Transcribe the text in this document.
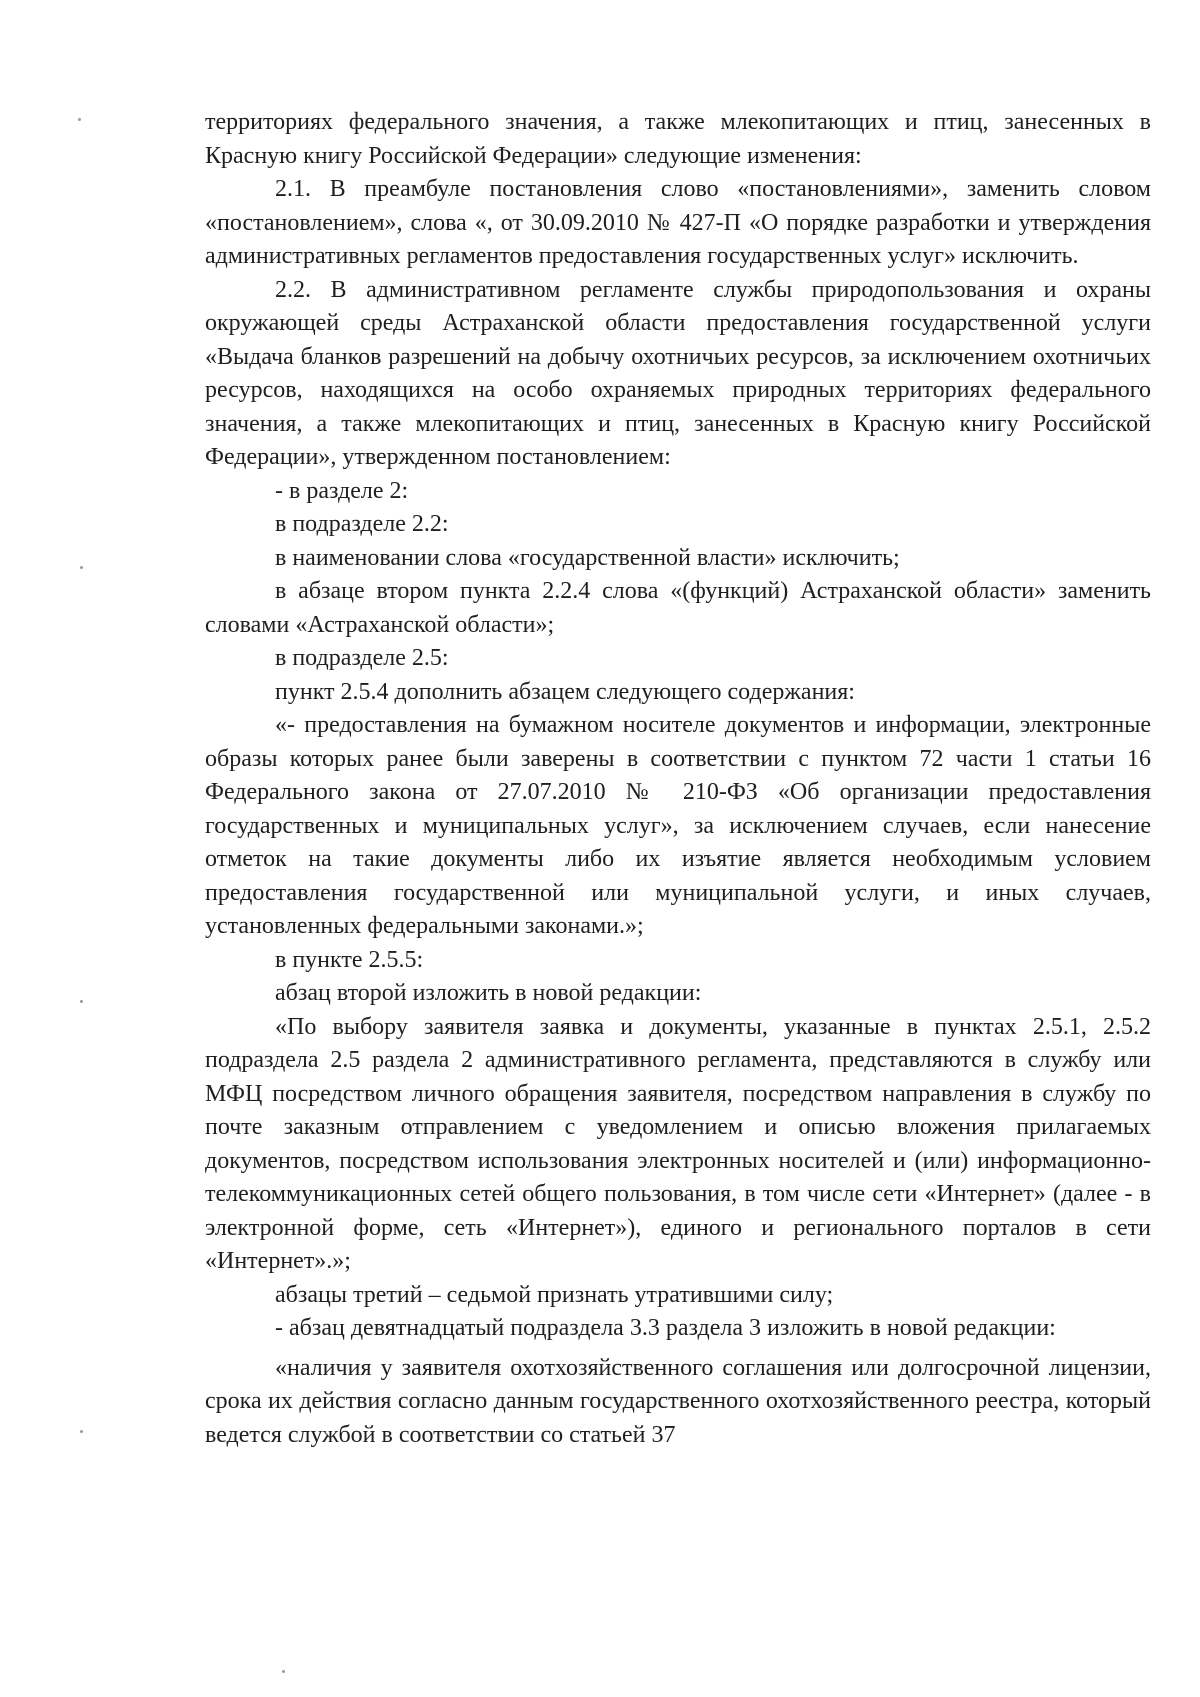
территориях федерального значения, а также млекопитающих и птиц, занесенных в Красную книгу Российской Федерации» следующие изменения:

2.1. В преамбуле постановления слово «постановлениями», заменить словом «постановлением», слова «, от 30.09.2010 № 427-П «О порядке разработки и утверждения административных регламентов предоставления государственных услуг» исключить.

2.2. В административном регламенте службы природопользования и охраны окружающей среды Астраханской области предоставления государственной услуги «Выдача бланков разрешений на добычу охотничьих ресурсов, за исключением охотничьих ресурсов, находящихся на особо охраняемых природных территориях федерального значения, а также млекопитающих и птиц, занесенных в Красную книгу Российской Федерации», утвержденном постановлением:

- в разделе 2:

в подразделе 2.2:

в наименовании слова «государственной власти» исключить;

в абзаце втором пункта 2.2.4 слова «(функций) Астраханской области» заменить словами «Астраханской области»;

в подразделе 2.5:

пункт 2.5.4 дополнить абзацем следующего содержания:

«- предоставления на бумажном носителе документов и информации, электронные образы которых ранее были заверены в соответствии с пунктом 72 части 1 статьи 16 Федерального закона от 27.07.2010 № 210-ФЗ «Об организации предоставления государственных и муниципальных услуг», за исключением случаев, если нанесение отметок на такие документы либо их изъятие является необходимым условием предоставления государственной или муниципальной услуги, и иных случаев, установленных федеральными законами.»;

в пункте 2.5.5:

абзац второй изложить в новой редакции:

«По выбору заявителя заявка и документы, указанные в пунктах 2.5.1, 2.5.2 подраздела 2.5 раздела 2 административного регламента, представляются в службу или МФЦ посредством личного обращения заявителя, посредством направления в службу по почте заказным отправлением с уведомлением и описью вложения прилагаемых документов, посредством использования электронных носителей и (или) информационно-телекоммуникационных сетей общего пользования, в том числе сети «Интернет» (далее - в электронной форме, сеть «Интернет»), единого и регионального порталов в сети «Интернет».»;

абзацы третий – седьмой признать утратившими силу;

- абзац девятнадцатый подраздела 3.3 раздела 3 изложить в новой редакции:

«наличия у заявителя охотхозяйственного соглашения или долгосрочной лицензии, срока их действия согласно данным государственного охотхозяйственного реестра, который ведется службой в соответствии со статьей 37
